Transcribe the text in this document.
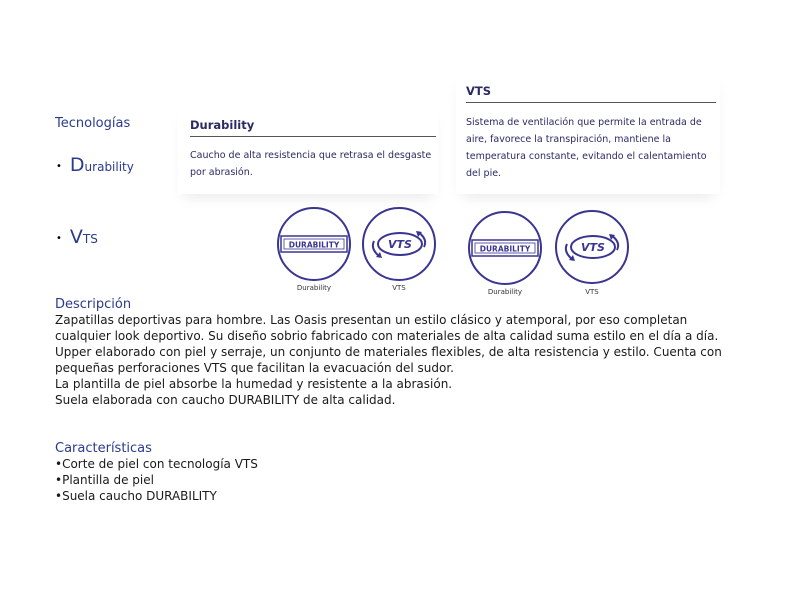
Tecnologías
• D urability
• V TS
Durability
Caucho de alta resistencia que retrasa el desgaste por abrasión.
VTS
Sistema de ventilación que permite la entrada de aire, favorece la transpiración, mantiene la temperatura constante, evitando el calentamiento del pie.
DURABILITY
Durability
VTS
VTS
DURABILITY
Durability
VTS
VTS
Descripción

Zapatillas deportivas para hombre. Las Oasis presentan un estilo clásico y atemporal, por eso completan cualquier look deportivo. Su diseño sobrio fabricado con materiales de alta calidad suma estilo en el día a día.

Upper elaborado con piel y serraje, un conjunto de materiales flexibles, de alta resistencia y estilo. Cuenta con pequeñas perforaciones VTS que facilitan la evacuación del sudor.

La plantilla de piel absorbe la humedad y resistente a la abrasión.

Suela elaborada con caucho DURABILITY de alta calidad.

Características
•Corte de piel con tecnología VTS
•Plantilla de piel
•Suela caucho DURABILITY
